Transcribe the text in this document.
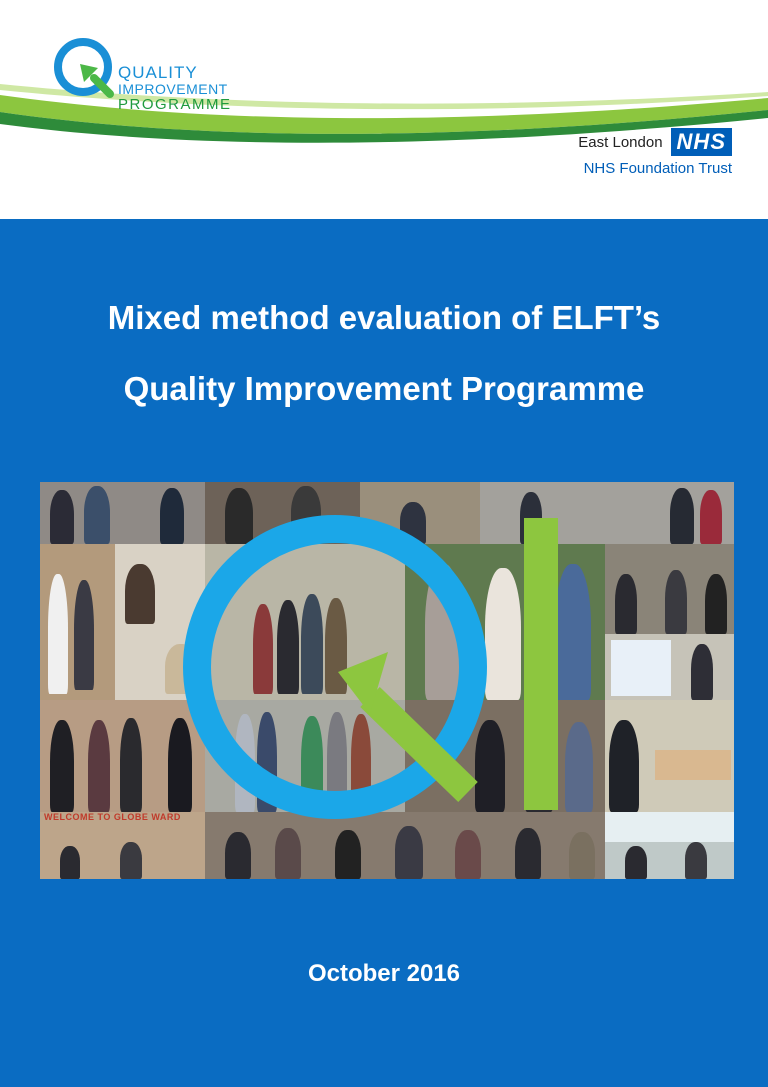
QUALITY
IMPROVEMENT
PROGRAMME
East London NHS
NHS Foundation Trust
Mixed method evaluation of ELFT’s
Quality Improvement Programme
WELCOME TO GLOBE WARD
October 2016
